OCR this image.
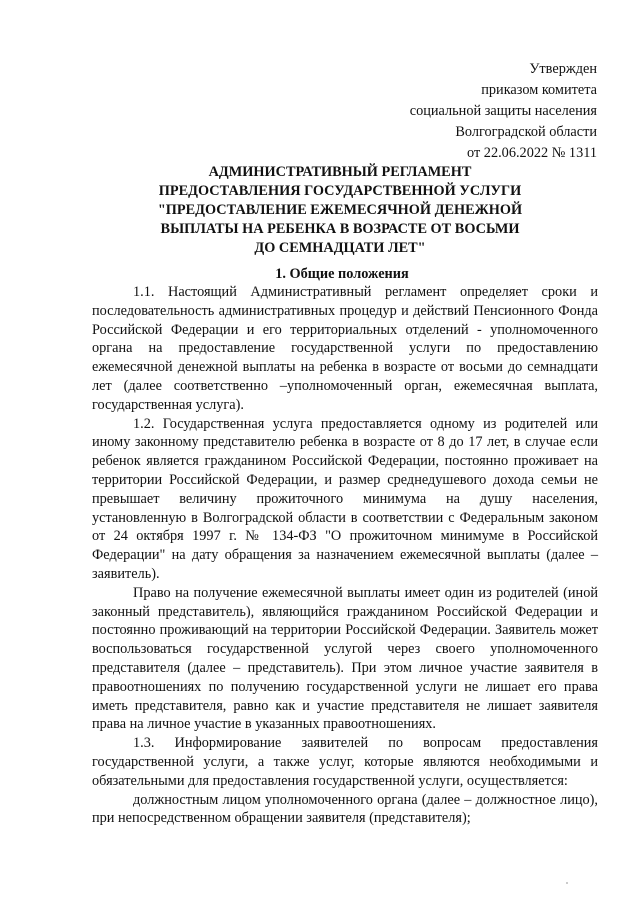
Утвержден
приказом комитета
социальной защиты населения
Волгоградской области
от 22.06.2022 № 1311
АДМИНИСТРАТИВНЫЙ РЕГЛАМЕНТ
ПРЕДОСТАВЛЕНИЯ ГОСУДАРСТВЕННОЙ УСЛУГИ
"ПРЕДОСТАВЛЕНИЕ ЕЖЕМЕСЯЧНОЙ ДЕНЕЖНОЙ
ВЫПЛАТЫ НА РЕБЕНКА В ВОЗРАСТЕ ОТ ВОСЬМИ
ДО СЕМНАДЦАТИ ЛЕТ"
1. Общие положения

1.1. Настоящий Административный регламент определяет сроки и последовательность административных процедур и действий Пенсионного Фонда Российской Федерации и его территориальных отделений - уполномоченного органа на предоставление государственной услуги по предоставлению ежемесячной денежной выплаты на ребенка в возрасте от восьми до семнадцати лет (далее соответственно –уполномоченный орган, ежемесячная выплата, государственная услуга).

1.2. Государственная услуга предоставляется одному из родителей или иному законному представителю ребенка в возрасте от 8 до 17 лет, в случае если ребенок является гражданином Российской Федерации, постоянно проживает на территории Российской Федерации, и размер среднедушевого дохода семьи не превышает величину прожиточного минимума на душу населения, установленную в Волгоградской области в соответствии с Федеральным законом от 24 октября 1997 г. № 134-ФЗ "О прожиточном минимуме в Российской Федерации" на дату обращения за назначением ежемесячной выплаты (далее – заявитель).

Право на получение ежемесячной выплаты имеет один из родителей (иной законный представитель), являющийся гражданином Российской Федерации и постоянно проживающий на территории Российской Федерации. Заявитель может воспользоваться государственной услугой через своего уполномоченного представителя (далее – представитель). При этом личное участие заявителя в правоотношениях по получению государственной услуги не лишает его права иметь представителя, равно как и участие представителя не лишает заявителя права на личное участие в указанных правоотношениях.

1.3. Информирование заявителей по вопросам предоставления государственной услуги, а также услуг, которые являются необходимыми и обязательными для предоставления государственной услуги, осуществляется:

должностным лицом уполномоченного органа (далее – должностное лицо), при непосредственном обращении заявителя (представителя);
